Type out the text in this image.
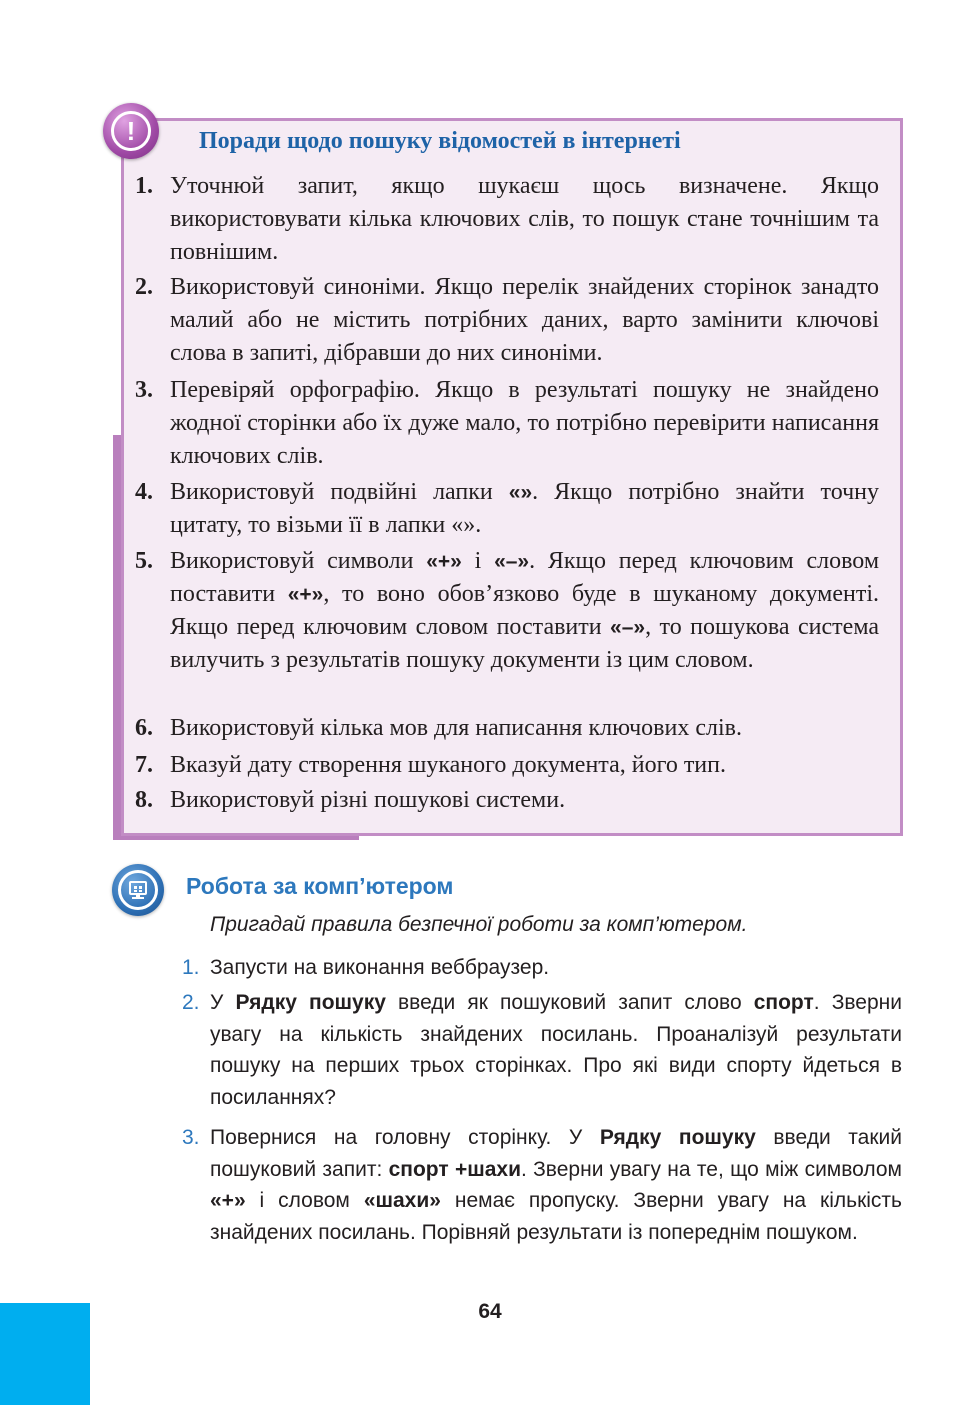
!	Поради щодо пошуку відомостей в інтернеті
1. Уточнюй запит, якщо шукаєш щось визначене. Якщо використовувати кілька ключових слів, то пошук стане точнішим та повнішим.
2. Використовуй синоніми. Якщо перелік знайдених сторінок занадто малий або не містить потрібних даних, варто замінити ключові слова в запиті, дібравши до них синоніми.
3. Перевіряй орфографію. Якщо в результаті пошуку не знайдено жодної сторінки або їх дуже мало, то потрібно перевірити написання ключових слів.
4. Використовуй подвійні лапки «». Якщо потрібно знайти точну цитату, то візьми її в лапки «».
5. Використовуй символи «+» і «–». Якщо перед ключовим словом поставити «+», то воно обов’язково буде в шуканому документі. Якщо перед ключовим словом поставити «–», то пошукова система вилучить з результатів пошуку документи із цим словом.
6. Використовуй кілька мов для написання ключових слів.
7. Вказуй дату створення шуканого документа, його тип.
8. Використовуй різні пошукові системи.
Робота за комп’ютером
Пригадай правила безпечної роботи за комп’ютером.
1. Запусти на виконання веббраузер.
2. У Рядку пошуку введи як пошуковий запит слово спорт. Зверни увагу на кількість знайдених посилань. Проаналізуй результати пошуку на перших трьох сторінках. Про які види спорту йдеться в посиланнях?
3. Повернися на головну сторінку. У Рядку пошуку введи такий пошуковий запит: спорт +шахи. Зверни увагу на те, що між символом «+» і словом «шахи» немає пропуску. Зверни увагу на кількість знайдених посилань. Порівняй результати із попереднім пошуком.
64
